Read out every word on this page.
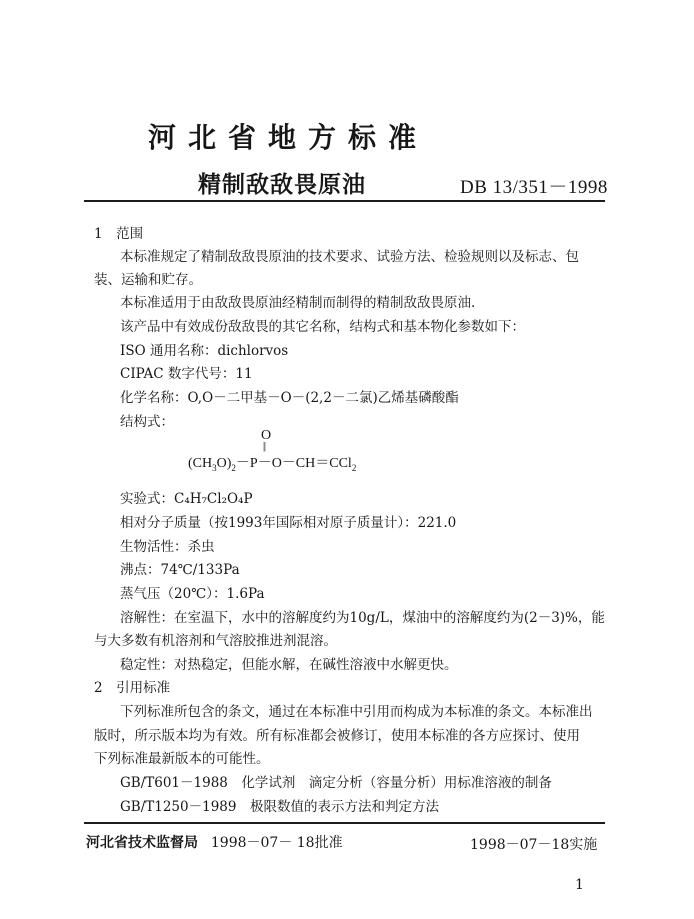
河北省地方标准
精制敌敌畏原油	DB 13/351－1998
1　范围
本标准规定了精制敌敌畏原油的技术要求、试验方法、检验规则以及标志、包
装、运输和贮存。
本标准适用于由敌敌畏原油经精制而制得的精制敌敌畏原油.
该产品中有效成份敌敌畏的其它名称，结构式和基本物化参数如下：
ISO 通用名称：dichlorvos
CIPAC 数字代号：11
化学名称：O,O－二甲基－O－(2,2－二氯)乙烯基磷酸酯
结构式：
O
||
$(CH_3O)_2-P-O-CH=CCl_2$
实验式：C₄H₇Cl₂O₄P
相对分子质量（按1993年国际相对原子质量计）：221.0
生物活性：杀虫
沸点：74℃/133Pa
蒸气压（20℃）：1.6Pa
溶解性：在室温下，水中的溶解度约为10g/L，煤油中的溶解度约为(2－3)%，能
与大多数有机溶剂和气溶胶推进剂混溶。
稳定性：对热稳定，但能水解，在碱性溶液中水解更快。
2　引用标准
下列标准所包含的条文，通过在本标准中引用而构成为本标准的条文。本标准出
版时，所示版本均为有效。所有标准都会被修订，使用本标准的各方应探讨、使用
下列标准最新版本的可能性。
GB/T601－1988　化学试剂　滴定分析（容量分析）用标准溶液的制备
GB/T1250－1989　极限数值的表示方法和判定方法
河北省技术监督局 1998－07－ 18批准	1998－07－18实施
1
